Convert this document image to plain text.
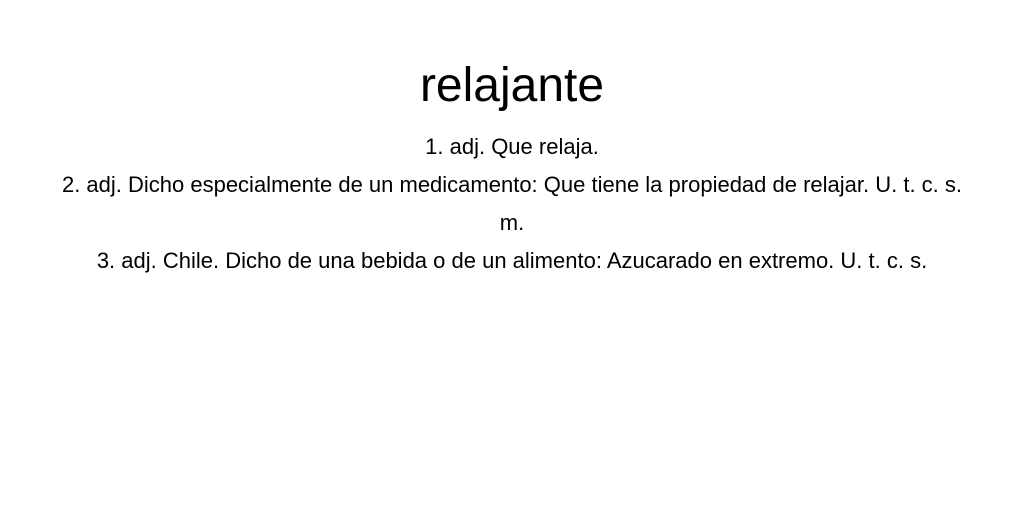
relajante
1. adj. Que relaja.
2. adj. Dicho especialmente de un medicamento: Que tiene la propiedad de relajar. U. t. c. s. m.
3. adj. Chile. Dicho de una bebida o de un alimento: Azucarado en extremo. U. t. c. s.
